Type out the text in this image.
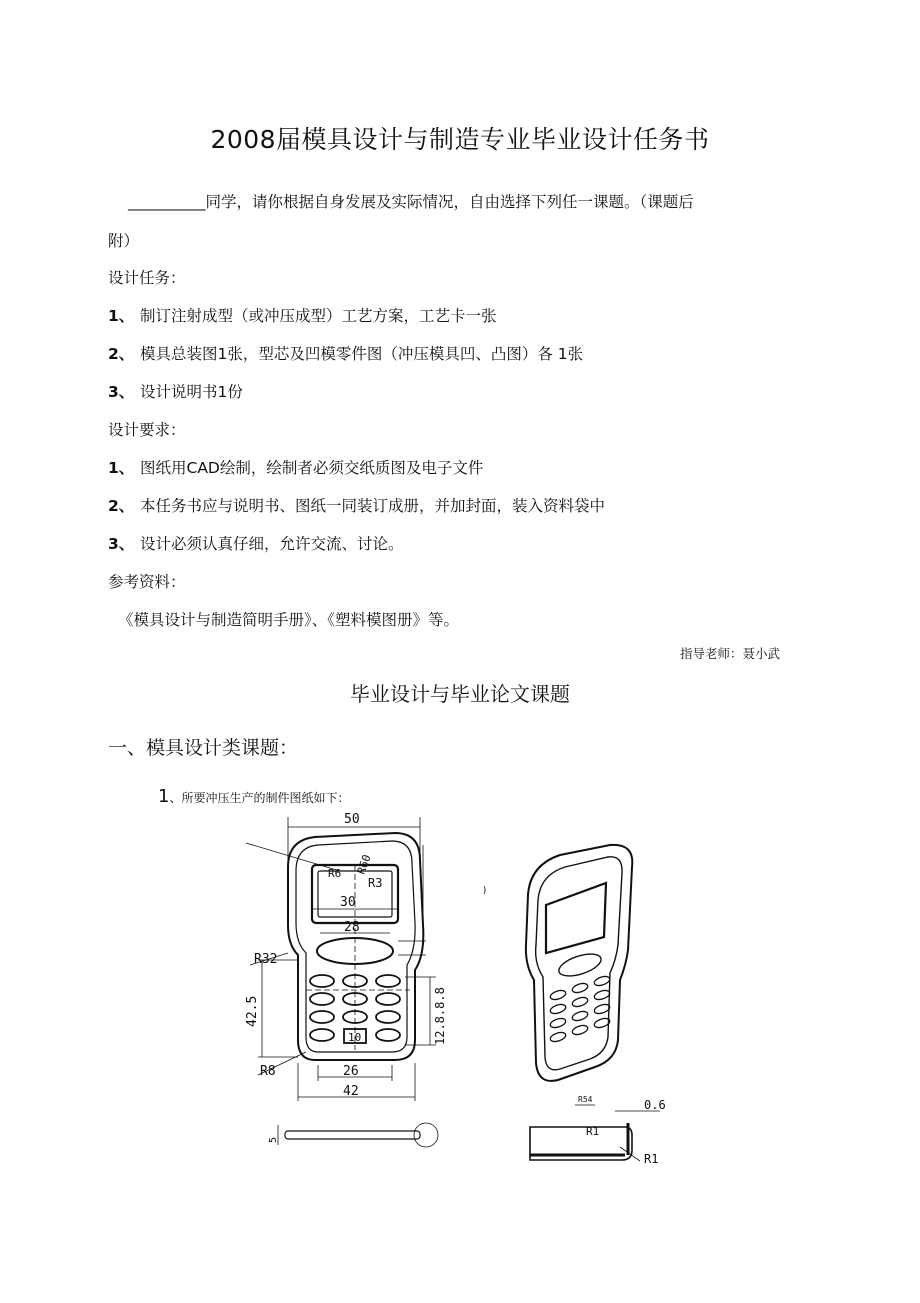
2008届模具设计与制造专业毕业设计任务书
__________同学，请你根据自身发展及实际情况，自由选择下列任一课题。（课题后
附）
设计任务：
1、 制订注射成型（或冲压成型）工艺方案，工艺卡一张
2、 模具总装图1张，型芯及凹模零件图（冲压模具凹、凸图）各 1张
3、 设计说明书1份
设计要求：
1、 图纸用CAD绘制，绘制者必须交纸质图及电子文件
2、 本任务书应与说明书、图纸一同装订成册，并加封面，装入资料袋中
3、 设计必须认真仔细，允许交流、讨论。
参考资料：
《模具设计与制造简明手册》、《塑料模图册》等。
指导老师：聂小武
毕业设计与毕业论文课题
一、模具设计类课题：
1、所要冲压生产的制件图纸如下：
50
30
28
26
42
R32
R8
R3
R6 R60
10
42.5	12.8.8.8
5
R1
R1
0.6
R54
)
